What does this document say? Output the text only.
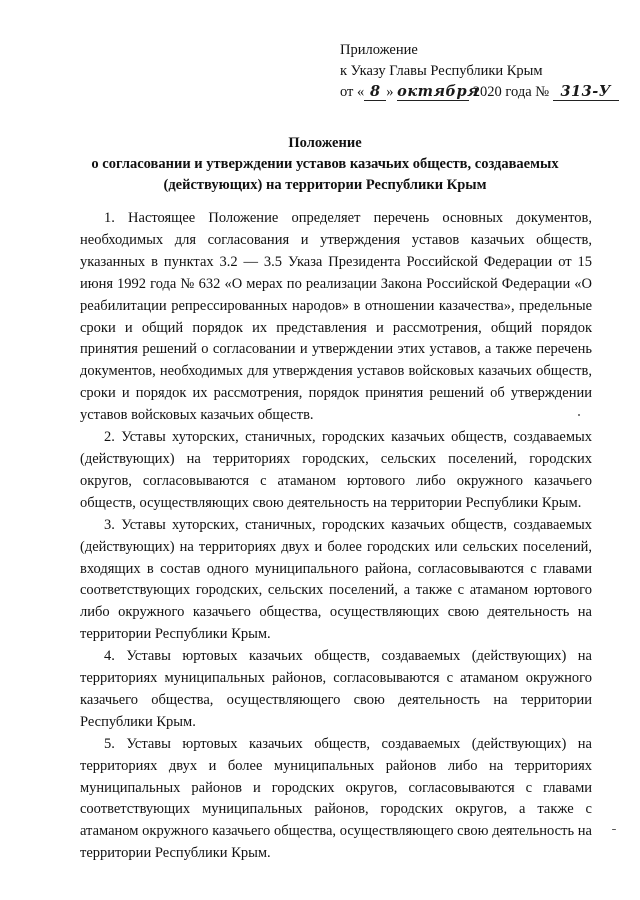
Приложение
к Указу Главы Республики Крым
от « 8 » октября 2020 года № 313-У
Положение
о согласовании и утверждении уставов казачьих обществ, создаваемых
(действующих) на территории Республики Крым

1. Настоящее Положение определяет перечень основных документов, необходимых для согласования и утверждения уставов казачьих обществ, указанных в пунктах 3.2 — 3.5 Указа Президента Российской Федерации от 15 июня 1992 года № 632 «О мерах по реализации Закона Российской Федерации «О реабилитации репрессированных народов» в отношении казачества», предельные сроки и общий порядок их представления и рассмотрения, общий порядок принятия решений о согласовании и утверждении этих уставов, а также перечень документов, необходимых для утверждения уставов войсковых казачьих обществ, сроки и порядок их рассмотрения, порядок принятия решений об утверждении уставов войсковых казачьих обществ.

2. Уставы хуторских, станичных, городских казачьих обществ, создаваемых (действующих) на территориях городских, сельских поселений, городских округов, согласовываются с атаманом юртового либо окружного казачьего обществ, осуществляющих свою деятельность на территории Республики Крым.

3. Уставы хуторских, станичных, городских казачьих обществ, создаваемых (действующих) на территориях двух и более городских или сельских поселений, входящих в состав одного муниципального района, согласовываются с главами соответствующих городских, сельских поселений, а также с атаманом юртового либо окружного казачьего общества, осуществляющих свою деятельность на территории Республики Крым.

4. Уставы юртовых казачьих обществ, создаваемых (действующих) на территориях муниципальных районов, согласовываются с атаманом окружного казачьего общества, осуществляющего свою деятельность на территории Республики Крым.

5. Уставы юртовых казачьих обществ, создаваемых (действующих) на территориях двух и более муниципальных районов либо на территориях муниципальных районов и городских округов, согласовываются с главами соответствующих муниципальных районов, городских округов, а также с атаманом окружного казачьего общества, осуществляющего свою деятельность на территории Республики Крым.
